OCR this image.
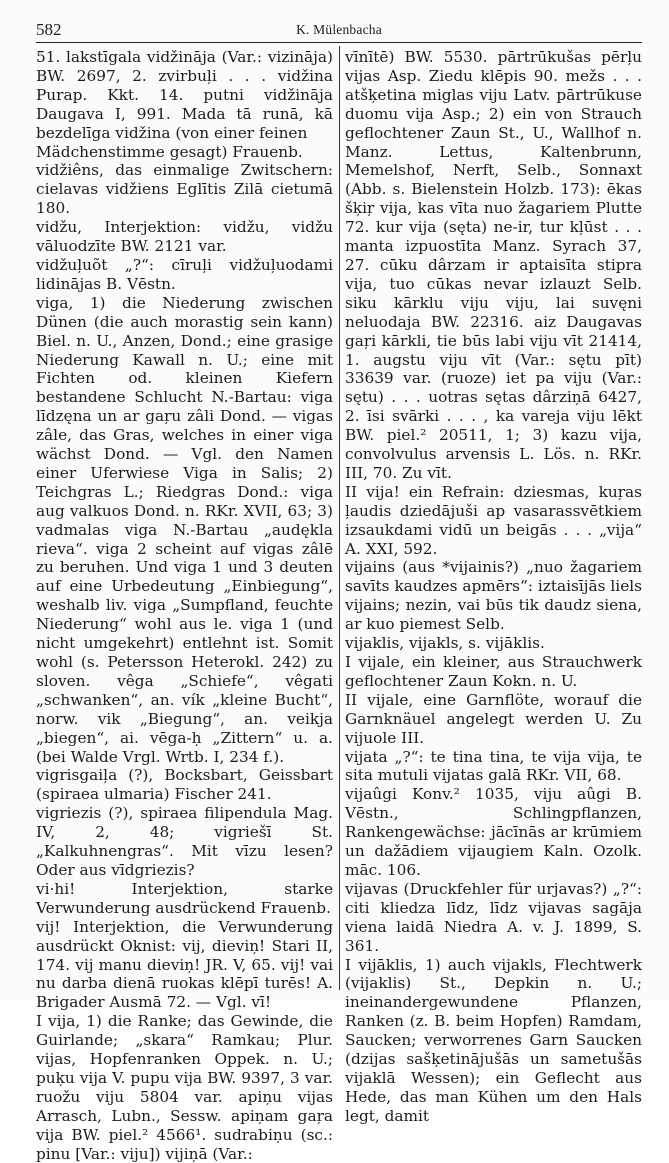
582	K. Mülenbacha

51. lakstīgala vidžināja (Var.: vizināja) BW. 2697, 2. zvirbuļi . . . vidžina Purap. Kkt. 14. putni vidžināja Daugava I, 991. Mada tā runā, kā bezdelīga vidžina (von einer feinen

Mädchenstimme gesagt) Frauenb.

vidžiêns, das einmalige Zwitschern: cielavas vidžiens Eglītis Zilā cietumā 180.

vidžu, Interjektion: vidžu, vidžu vāluodzīte BW. 2121 var.

vidžuļuõt „?“: cīruļi vidžuļuodami lidinājas B. Vēstn.

viga, 1) die Niederung zwischen Dünen (die auch morastig sein kann) Biel. n. U., Anzen, Dond.; eine grasige Niederung Kawall n. U.; eine mit Fichten od. kleinen Kiefern bestandene Schlucht N.-Bartau: viga līdzęna un ar gaŗu zâli Dond. — vigas zâle, das Gras, welches in einer viga wächst Dond. — Vgl. den Namen einer Uferwiese Viga in Salis; 2) Teichgras L.; Riedgras Dond.: viga aug valkuos Dond. n. RKr. XVII, 63; 3) vadmalas viga N.-Bartau „audękla rieva“. viga 2 scheint auf vigas zâlē zu beruhen. Und viga 1 und 3 deuten auf eine Urbedeutung „Einbiegung“, weshalb liv. viga „Sumpfland, feuchte Niederung“ wohl aus le. viga 1 (und nicht umgekehrt) entlehnt ist. Somit wohl (s. Petersson Heterokl. 242) zu sloven. vêga „Schiefe“, vêgati „schwanken“, an. vík „kleine Bucht“, norw. vik „Biegung“, an. veikja „biegen“, ai. vēga-ḥ „Zittern“ u. a. (bei Walde Vrgl. Wrtb. I, 234 f.).

vigrisgaiļa (?), Bocksbart, Geissbart (spiraea ulmaria) Fischer 241.

vigriezis (?), spiraea filipendula Mag. IV, 2, 48; vigriešī St. „Kalkuhnengras“. Mit vīzu lesen? Oder aus vīdgriezis?

vi·hi! Interjektion, starke Verwunderung ausdrückend Frauenb.

vij! Interjektion, die Verwunderung ausdrückt Oknist: vij, dieviņ! Stari II, 174. vij manu dieviņ! JR. V, 65. vij! vai nu darba dienā ruokas klēpī turēs! A. Brigader Ausmā 72. — Vgl. vī!

I vija, 1) die Ranke; das Gewinde, die Guirlande; „skara“ Ramkau; Plur. vijas, Hopfenranken Oppek. n. U.; puķu vija V. pupu vija BW. 9397, 3 var. ruožu viju 5804 var. apiņu vijas Arrasch, Lubn., Sessw. apiņam gaŗa vija BW. piel.² 4566¹. sudrabiņu (sc.: pinu [Var.: viju]) vijiņā (Var.:

vīnītē) BW. 5530. pārtrūkušas pērļu vijas Asp. Ziedu klēpis 90. mežs . . . atšķetina miglas viju Latv. pārtrūkuse duomu vija Asp.; 2) ein von Strauch geflochtener Zaun St., U., Wallhof n. Manz. Lettus, Kaltenbrunn, Memelshof, Nerft, Selb., Sonnaxt (Abb. s. Bielenstein Holzb. 173): ēkas šķiŗ vija, kas vīta nuo žagariem Plutte 72. kur vija (sęta) ne-ir, tur kļūst . . . manta izpuostīta Manz. Syrach 37, 27. cūku dârzam ir aptaisīta stipra vija, tuo cūkas nevar izlauzt Selb. siku kārklu viju viju, lai suvęni neluodaja BW. 22316. aiz Daugavas gaŗi kārkli, tie būs labi viju vīt 21414, 1. augstu viju vīt (Var.: sętu pīt) 33639 var. (ruoze) iet pa viju (Var.: sętu) . . . uotras sętas dârziņā 6427, 2. īsi svārki . . . , ka vareja viju lēkt BW. piel.² 20511, 1; 3) kazu vija, convolvulus arvensis L. Lös. n. RKr. III, 70. Zu vīt.

II vija! ein Refrain: dziesmas, kuŗas ļaudis dziedājuši ap vasarassvētkiem izsaukdami vidū un beigās . . . „vija“ A. XXI, 592.

vijains (aus *vijainis?) „nuo žagariem savīts kaudzes apmērs“: iztaisījās liels vijains; nezin, vai būs tik daudz siena, ar kuo piemest Selb.

vijaklis, vijakls, s. vijāklis.

I vijale, ein kleiner, aus Strauchwerk geflochtener Zaun Kokn. n. U.

II vijale, eine Garnflöte, worauf die Garnknäuel angelegt werden U. Zu vijuole III.

vijata „?“: te tina tina, te vija vija, te sita mutuli vijatas galā RKr. VII, 68.

vijaûgi Konv.² 1035, viju aûgi B. Vēstn., Schlingpflanzen, Rankengewächse: jācīnās ar krūmiem un dažādiem vijaugiem Kaln. Ozolk. māc. 106.

vijavas (Druckfehler für urjavas?) „?“: citi kliedza līdz, līdz vijavas sagāja viena laidā Niedra A. v. J. 1899, S. 361.

I vijāklis, 1) auch vijakls, Flechtwerk (vijaklis) St., Depkin n. U.; ineinandergewundene Pflanzen, Ranken (z. B. beim Hopfen) Ramdam, Saucken; verworrenes Garn Saucken (dzijas sašķetinājušās un sametušās vijaklā Wessen); ein Geflecht aus Hede, das man Kühen um den Hals legt, damit
